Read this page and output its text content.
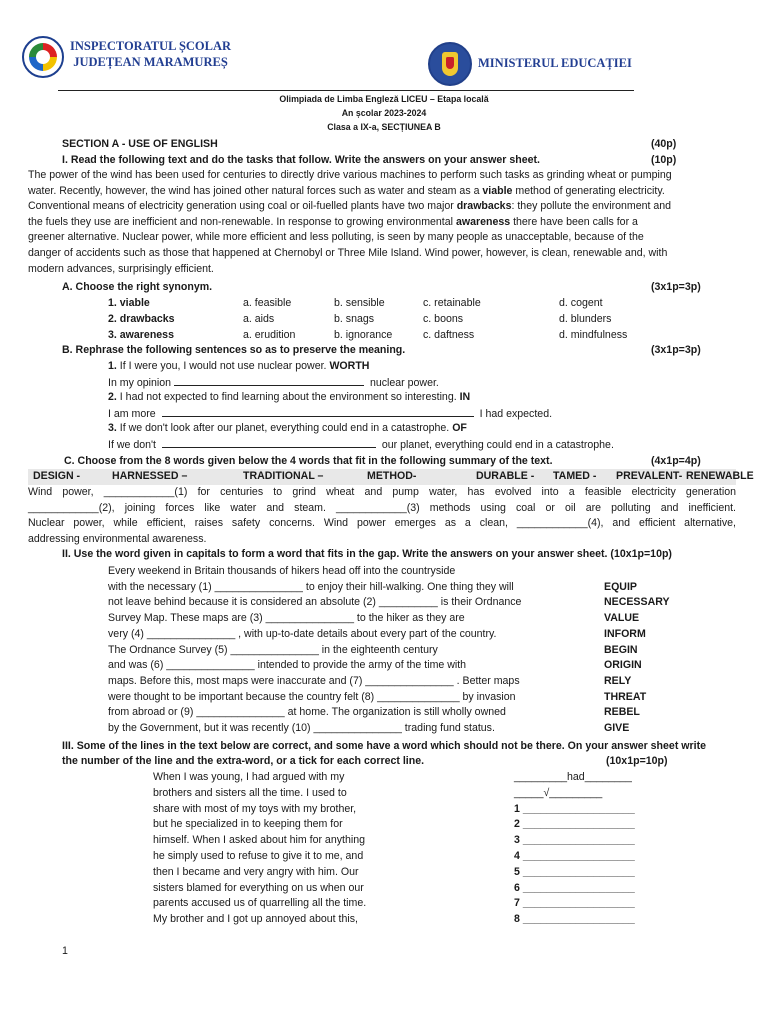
INSPECTORATUL ȘCOLAR
JUDEȚEAN MARAMUREȘ	MINISTERUL EDUCAȚIEI
Olimpiada de Limba Engleză LICEU – Etapa locală
An școlar 2023-2024
Clasa a IX-a, SECȚIUNEA B
SECTION A - USE OF ENGLISH	(40p)
I. Read the following text and do the tasks that follow. Write the answers on your answer sheet.	(10p)
The power of the wind has been used for centuries to directly drive various machines to perform such tasks as grinding wheat or pumping
water. Recently, however, the wind has joined other natural forces such as water and steam as a viable method of generating electricity.
Conventional means of electricity generation using coal or oil-fuelled plants have two major drawbacks: they pollute the environment and
the fuels they use are inefficient and non-renewable. In response to growing environmental awareness there have been calls for a
greener alternative. Nuclear power, while more efficient and less polluting, is seen by many people as unacceptable, because of the
danger of accidents such as those that happened at Chernobyl or Three Mile Island. Wind power, however, is clean, renewable and, with
modern advances, surprisingly efficient.
A. Choose the right synonym.	(3x1p=3p)
1. viable	a. feasible	b. sensible	c. retainable	d. cogent
2. drawbacks	a. aids	b. snags	c. boons	d. blunders
3. awareness	a. erudition	b. ignorance	c. daftness	d. mindfulness
B. Rephrase the following sentences so as to preserve the meaning.	(3x1p=3p)
1. If I were you, I would not use nuclear power. WORTH
In my opinion	nuclear power.
2. I had not expected to find learning about the environment so interesting. IN
I am more	I had expected.
3. If we don't look after our planet, everything could end in a catastrophe. OF
If we don't	our planet, everything could end in a catastrophe.
C. Choose from the 8 words given below the 4 words that fit in the following summary of the text.	(4x1p=4p)
DESIGN -	HARNESSED –	TRADITIONAL –	METHOD-	DURABLE - TAMED - PREVALENT- RENEWABLE
Wind power, ____________(1) for centuries to grind wheat and pump water, has evolved into a feasible electricity generation
____________(2), joining forces like water and steam. ____________(3) methods using coal or oil are polluting and inefficient.
Nuclear power, while efficient, raises safety concerns. Wind power emerges as a clean, ____________(4), and efficient alternative,
addressing environmental awareness.
II. Use the word given in capitals to form a word that fits in the gap. Write the answers on your answer sheet. (10x1p=10p)
Every weekend in Britain thousands of hikers head off into the countryside
with the necessary (1) _______________ to enjoy their hill-walking. One thing they will	EQUIP
not leave behind because it is considered an absolute (2) __________ is their Ordnance	NECESSARY
Survey Map. These maps are (3) _______________ to the hiker as they are	VALUE
very (4) _______________ , with up-to-date details about every part of the country.	INFORM
The Ordnance Survey (5) _______________ in the eighteenth century	BEGIN
and was (6) _______________ intended to provide the army of the time with	ORIGIN
maps. Before this, most maps were inaccurate and (7) _______________ . Better maps	RELY
were thought to be important because the country felt (8) ______________ by invasion	THREAT
from abroad or (9) _______________ at home. The organization is still wholly owned	REBEL
by the Government, but it was recently (10) _______________ trading fund status.	GIVE
III. Some of the lines in the text below are correct, and some have a word which should not be there. On your answer sheet write
the number of the line and the extra-word, or a tick for each correct line.	(10x1p=10p)
When I was young, I had argued with my	_________had________
brothers and sisters all the time. I used to	_____√_________
share with most of my toys with my brother,	1 ___________________
but he specialized in to keeping them for	2 ___________________
himself. When I asked about him for anything	3 ___________________
he simply used to refuse to give it to me, and	4 ___________________
then I became and very angry with him. Our	5 ___________________
sisters blamed for everything on us when our	6 ___________________
parents accused us of quarrelling all the time.	7 ___________________
My brother and I got up annoyed about this,	8 ___________________
1
